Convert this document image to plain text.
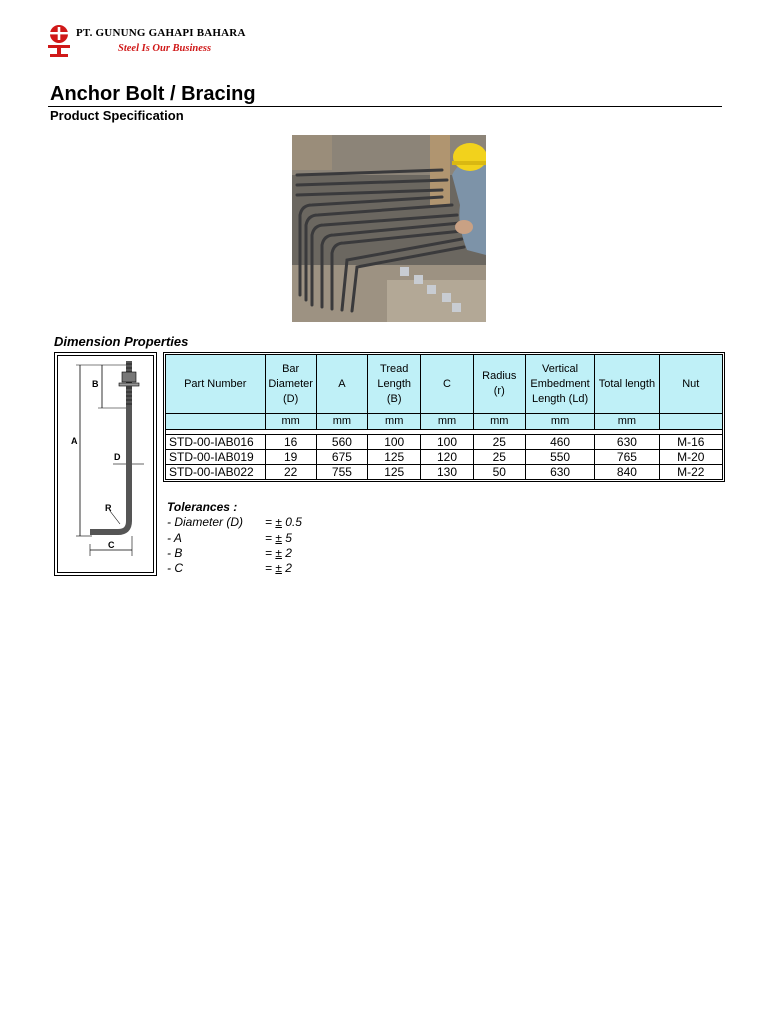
PT. GUNUNG GAHAPI BAHARA
Steel Is Our Business
Anchor Bolt / Bracing
Product Specification
Dimension Properties
B
A
D
R
C
Part Number	Bar
Diameter
(D)	A	Tread
Length
(B)	C	Radius
(r)	Vertical
Embedment
Length (Ld)	Total length	Nut
	mm	mm	mm	mm	mm	mm	mm	

STD-00-IAB016	16	560	100	100	25	460	630	M-16
STD-00-IAB019	19	675	125	120	25	550	765	M-20
STD-00-IAB022	22	755	125	130	50	630	840	M-22
Tolerances :
- Diameter (D)	=
±
0.5
- A	=
±
5
- B	=
±
2
- C	=
±
2
